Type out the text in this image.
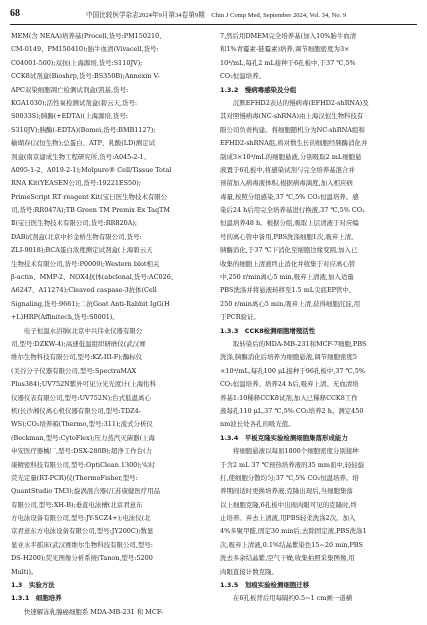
68	中国比较医学杂志2024年9月第34卷第9期　Chin J Comp Med, September 2024, Vol. 34, No. 9
MEM(含 NEAA)培养基(Procell,货号:PM150210、
CM-0149、PM150410);胎牛血清(Vivacell,货号:
C04001-500);双抗(上海源培,货号:S110JV);
CCK8试剂盒(Bioshrp,货号:BS350B);Annexin V-
APC双染细胞凋亡检测试剂盒(凯基,货号:
KGA1030);活性氧检测试剂盒(碧云天,货号:
S0033S);胰酶(+EDTA)(上海源培,货号:
S310JV);胰酶(-EDTA)(Bomei,货号:BMB1127);
榆瑚春(汉恒生物);总蛋白、ATP、乳酸(LD)测定试
剂盒(南京建成生物工程研究所,货号:A045-2-1、
A095-1-2、A019-2-1);Molpure® Cell/Tissue Total
RNA Kit(YEASEN公司,货号:19221ES50);
PrimeScript RT reagent Kit(宝日医生物技术有限公
司,货号:RR047A);TB Green TM Premix Ex TaqTM
Ⅱ(宝日医生物技术有限公司,货号:RR820A);
DAB试剂盒(北京中杉金桥生物有限公司,货号:
ZLI-9018);BCA蛋白浓度测定试剂盒(上海碧云天
生物技术有限公司,货号:P0009);Western blot相关
β-actin、MMP-2、NOX4抗体(abclonal,货号:AC026、
A6247、A11274);Cleaved caspase-3抗体(Cell
Signaling,货号:9661);二抗Goat Anti-Rabbit IgG(H
+L)HRP(Affinitech,货号:S0001)。
　　电子恒温水浴锅(北京中兴伟业仪器有限公
司,型号:DZKW-4);高速低温组织研磨仪(武汉赛
维尔生物科技有限公司,型号:KZ-III-F);酶标仪
(美谷分子仪器有限公司,型号:SpectraMAX
Plus384);UV752N紫外可见分光光度计(上海佑科
仪器仪表有限公司,型号:UV752N);台式低温离心
机(长沙湘仪离心机仪器有限公司,型号:TDZ4-
WS);CO₂培养箱(Thermo,型号:311);流式分析仪
(Beckman,型号:CytoFlex);压力蒸汽灭菌器(上海
申安医疗器械厂,型号:DSX-280B);超净工作台(力
康精密科技有限公司,型号:OptiClean 1300);实时
荧光定量(RT-PCR)仪(ThermoFisher,型号:
QuantStudio TM3);旋涡混合器(江苏康健医疗用品
有限公司,型号:XH-B);垂直电泳槽(北京君意东
方电泳设备有限公司,型号:JY-SCZ4+);电泳仪(北
京君意东方电泳设备有限公司,型号:JY200C);数显
显业水平摇床(武汉赛维尔生物科技有限公司,型号:
DS-H200);荧光图像分析系统(Tanon,型号:5200
Multi)。
1.3　实验方法
1.3.1　细胞培养
　　快速解冻乳腺癌细胞系 MDA-MB-231 和 MCF-
7,然后用DMEM完全培养基(加入10%胎牛血清
和1%青霉素-链霉素)培养,调节细胞密度为3×
10⁴/mL,每孔2 mL接种于6孔板中,于37 ℃,5%
CO₂恒温培养。
1.3.2　慢病毒感染及分组
　　沉默EFHD2表达的慢病毒(EFHD2-shRNA)及
其对照慢病毒(NC-shRNA)由上海汉恒生物科技有
限公司负责构建。将细胞随机分为NC-shRNA组和
EFHD2-shRNA组,将对数生长的细胞经胰酶消化并
制成3×10⁴/mL的细胞悬液,分别吸取2 mL细胞悬
液置于6孔板中,将感染试剂与完全培养基混合并
预留加入病毒液体积,根据病毒滴度,加入相应病
毒量,按照分组感染,37 ℃,5% CO₂恒温培养。感
染后24 h后用完全培养基进行换液,37 ℃,5% CO₂
恒温培养48 h。根据分组,吸取上层清液于对应编
号的离心管中备用,PBS洗涤细胞1次,吸弃上清。
胰酶消化,于37 ℃下消化至细胞边缘变圆,加入已
收集的细胞上清液终止消化并收集于对应离心管
中,250 r/min离心5 min,吸弃上清液,加入适量
PBS洗涤并将悬液转移至1.5 mL尖底EP管中,
250 r/min离心5 min,吸弃上清,获得细胞沉淀,用
于PCR验证。
1.3.3　CCK8检测细胞增殖活性
　　取转染后的MDA-MB-231和MCF-7细胞,PBS
洗涤,胰酶消化后培养为细胞悬液,调节细胞密度5
×10⁴/mL,每孔100 μL接种于96孔板中,37 ℃,5%
CO₂恒温培养。培养24 h后,吸弃上清。无血清培
养基1:10稀释CCK8试剂,加入已稀释CCK8工作
液每孔110 μL,37 ℃,5% CO₂培养2 h。测定450
nm波长处各孔的吸光值。
1.3.4　平板克隆实验检测细胞集落形成能力
　　将细胞悬液以每皿1800个细胞密度分别接种
于含2 mL 37 ℃预热培养液的35 mm皿中,轻轻旋
打,使细胞分散均匀;37 ℃,5% CO₂恒温培养。培
养期间适时更换培养液,克隆出现后,当细胞集落
以上细胞克隆,6孔板中出现肉眼可见的克隆时,终
止培养。弃去上清液,用PBS轻柔洗涤2次。加入
4%多聚甲醛,固定30 min后,去除固定液,PBS洗涤1
次,吸弃上清液,0.1%结晶紫染色15~20 min,PBS
洗去多余结晶紫,空气干燥,收集拍照采集图像,用
肉眼直接计数克隆。
1.3.5　划痕实验检测细胞迁移
　　在6孔板背后用每隔约0.5~1 cm画一道横
